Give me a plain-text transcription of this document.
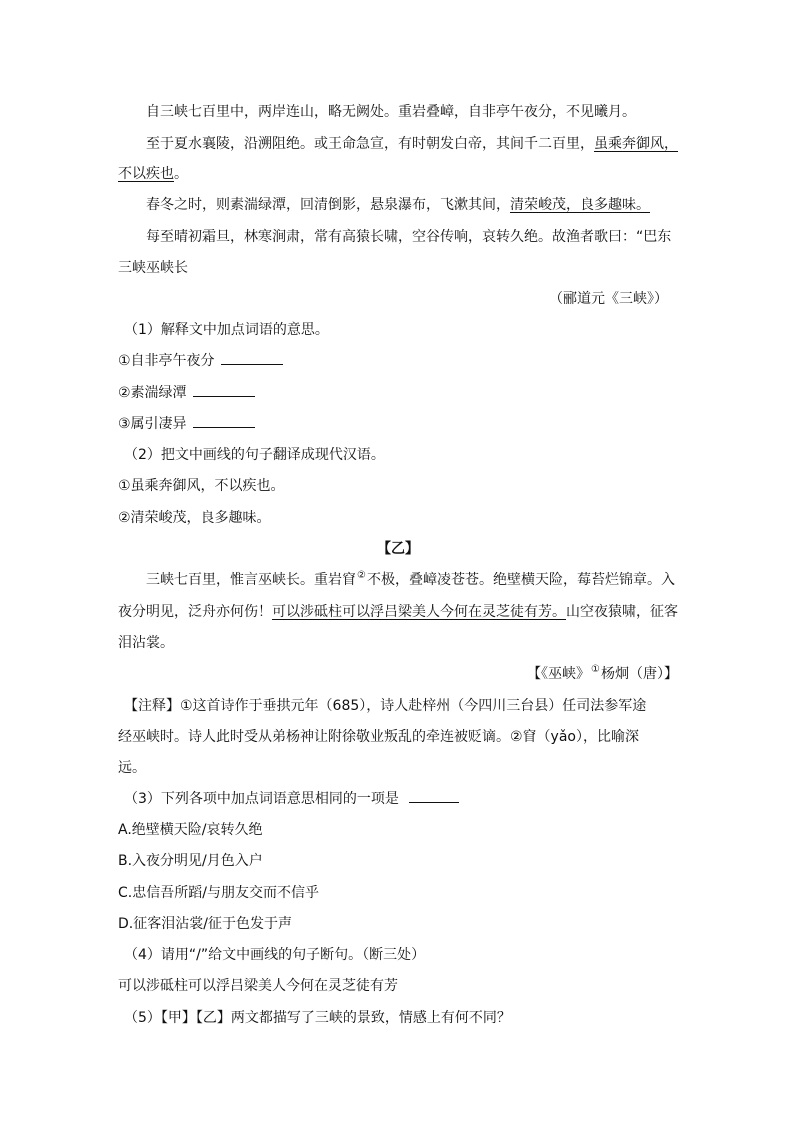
自三峡七百里中，两岸连山，略无阙处。重岩叠嶂，自非亭午夜分，不见曦月。
至于夏水襄陵，沿溯阻绝。或王命急宣，有时朝发白帝，其间千二百里，虽乘奔御风，
不以疾也。
春冬之时，则素湍绿潭，回清倒影，悬泉瀑布，飞漱其间，清荣峻茂，良多趣味。
每至晴初霜旦，林寒涧肃，常有高猿长啸，空谷传响，哀转久绝。故渔者歌曰：“巴东
三峡巫峡长
（郦道元《三峡》）
（1）解释文中加点词语的意思。
①自非亭午夜分
②素湍绿潭
③属引凄异
（2）把文中画线的句子翻译成现代汉语。
①虽乘奔御风，不以疾也。
②清荣峻茂，良多趣味。
【乙】
三峡七百里，惟言巫峡长。重岩窅②不极，叠嶂凌苍苍。绝壁横天险，莓苔烂锦章。入
夜分明见，泛舟亦何伤！可以涉砥柱可以浮吕梁美人今何在灵芝徒有芳。山空夜猿啸，征客
泪沾裳。
【《巫峡》①杨炯（唐）】
【注释】①这首诗作于垂拱元年（685），诗人赴梓州（今四川三台县）任司法参军途
经巫峡时。诗人此时受从弟杨神让附徐敬业叛乱的牵连被贬谪。②窅（yǎo），比喻深
远。
（3）下列各项中加点词语意思相同的一项是
A.绝壁横天险/哀转久绝
B.入夜分明见/月色入户
C.忠信吾所蹈/与朋友交而不信乎
D.征客泪沾裳/征于色发于声
（4）请用“/”给文中画线的句子断句。（断三处）
可以涉砥柱可以浮吕梁美人今何在灵芝徒有芳
（5）【甲】【乙】两文都描写了三峡的景致，情感上有何不同？
